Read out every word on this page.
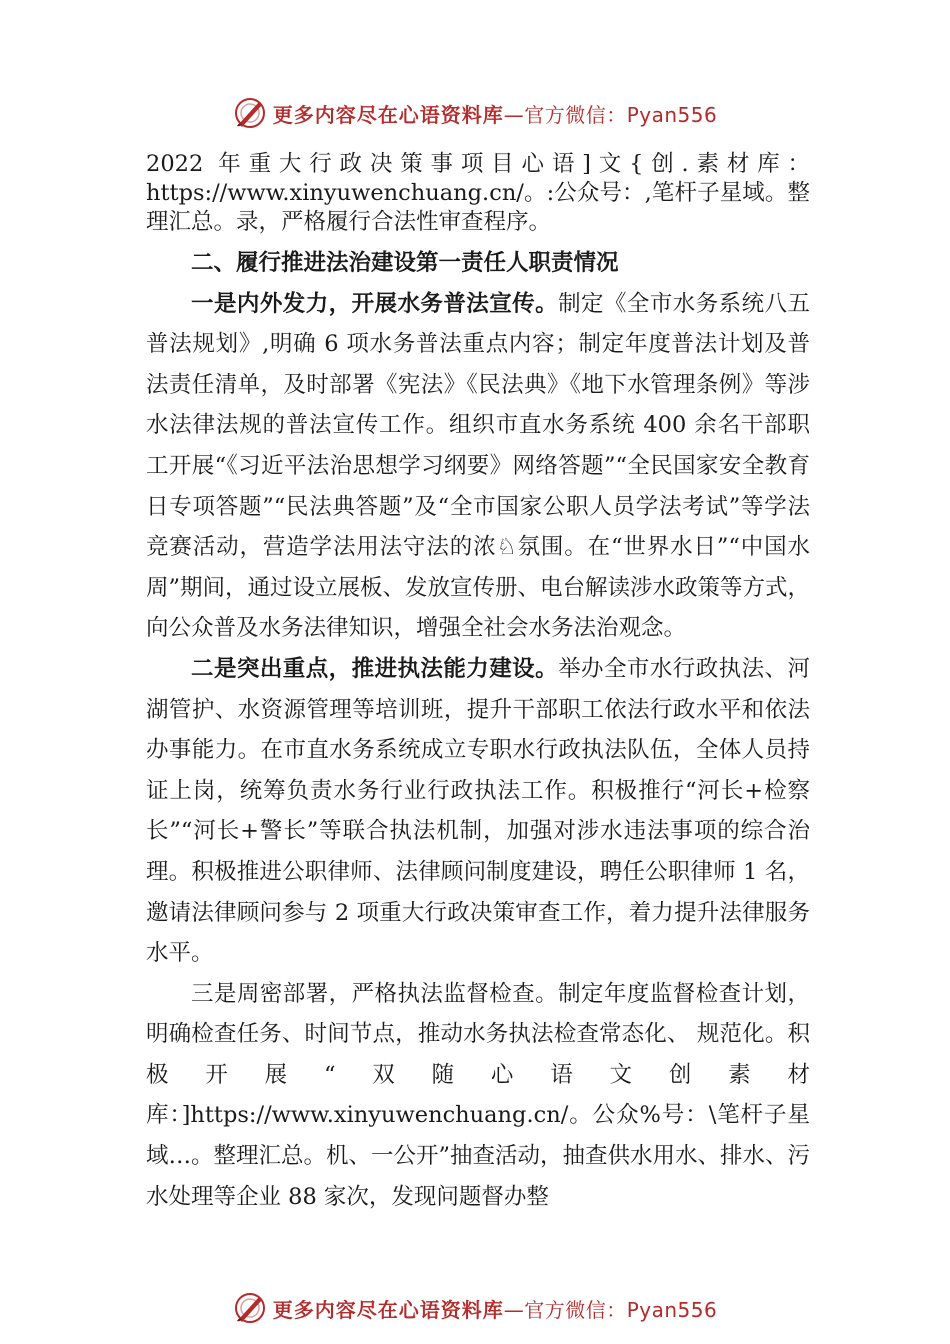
更多内容尽在心语资料库—官方微信：Pyan556

2022 年重大行政决策事项目心语]文{创.素材库：https://www.xinyuwenchuang.cn/。:公众号：,笔杆子星域。整理汇总。录，严格履行合法性审查程序。

二、履行推进法治建设第一责任人职责情况

一是内外发力，开展水务普法宣传。制定《全市水务系统八五普法规划》,明确 6 项水务普法重点内容；制定年度普法计划及普法责任清单，及时部署《宪法》《民法典》《地下水管理条例》等涉水法律法规的普法宣传工作。组织市直水务系统 400 余名干部职工开展“《习近平法治思想学习纲要》网络答题”“全民国家安全教育日专项答题”“民法典答题”及“全市国家公职人员学法考试”等学法竞赛活动，营造学法用法守法的浓♘氛围。在“世界水日”“中国水周”期间，通过设立展板、发放宣传册、电台解读涉水政策等方式，向公众普及水务法律知识，增强全社会水务法治观念。

二是突出重点，推进执法能力建设。举办全市水行政执法、河湖管护、水资源管理等培训班，提升干部职工依法行政水平和依法办事能力。在市直水务系统成立专职水行政执法队伍，全体人员持证上岗，统筹负责水务行业行政执法工作。积极推行“河长+检察长”“河长+警长”等联合执法机制，加强对涉水违法事项的综合治理。积极推进公职律师、法律顾问制度建设，聘任公职律师 1 名，邀请法律顾问参与 2 项重大行政决策审查工作，着力提升法律服务水平。

三是周密部署，严格执法监督检查。制定年度监督检查计划，明确检查任务、时间节点，推动水务执法检查常态化、 规范化。积极开展“双随心语文创素材库：]https://www.xinyuwenchuang.cn/。公众%号：\笔杆子星域…。整理汇总。机、一公开”抽查活动，抽查供水用水、排水、污水处理等企业 88 家次，发现问题督办整

更多内容尽在心语资料库—官方微信：Pyan556
